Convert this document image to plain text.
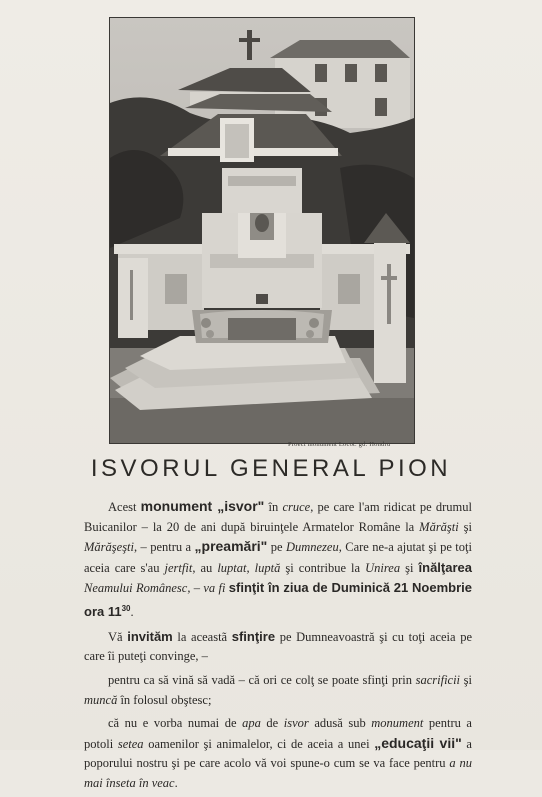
Proect monument Locot. gd. Hondru
ISVORUL GENERAL PION

Acest monument „isvor" în cruce, pe care l'am ridicat pe drumul Buicanilor – la 20 de ani după biruinţele Armatelor Române la Mărăşti şi Mărăşeşti, – pentru a „preamări" pe Dumnezeu, Care ne-a ajutat şi pe toţi aceia care s'au jertfit, au luptat, luptă şi contribue la Unirea şi înălţarea Neamului Românesc, – va fi sfinţit în ziua de Duminică 21 Noembrie ora $11^{30}$.

Vă invităm la aceastã sfinţire pe Dumneavoastră şi cu toţi aceia pe care îi puteţi convinge, –

pentru ca să vină să vadă – că ori ce colţ se poate sfinţi prin sacrificii şi muncă în folosul obştesc;

că nu e vorba numai de apa de isvor adusă sub monument pentru a potoli setea oamenilor şi animalelor, ci de aceia a unei „educaţii vii" a poporului nostru şi pe care acolo vă voi spune-o cum se va face pentru a nu mai înseta în veac.
